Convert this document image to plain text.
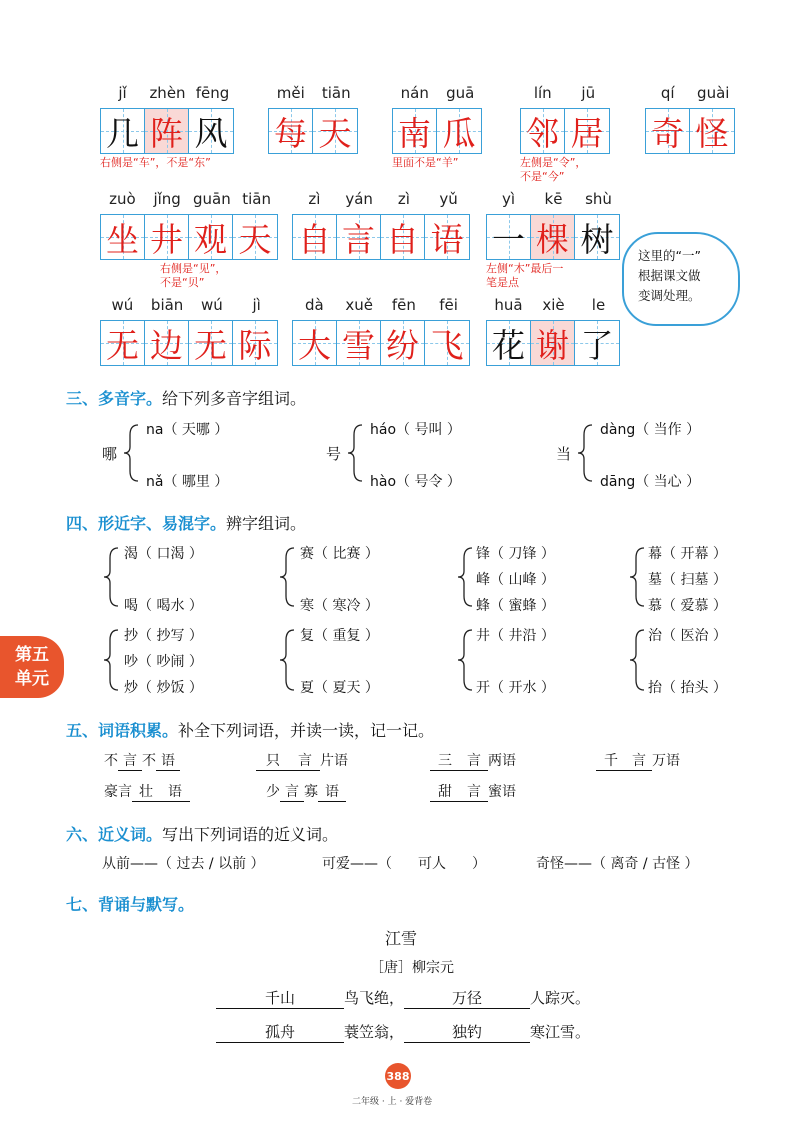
jǐ	zhèn fēng
几 阵 风
měi	tiān
每 天
nán	guā
南 瓜
lín	jū
邻 居
qí	guài
奇 怪
zuò	jǐng guān tiān
坐 井 观 天
zì	yán	zì	yǔ
自 言 自 语
yì	kē	shù
一 棵 树
wú	biān	wú	jì
无 边 无 际
dà	xuě	fēn	fēi
大 雪 纷 飞
huā	xiè	le
花 谢 了
右侧是“车”，不是“东”	里面不是“羊”	左侧是“令”，
不是“今”
右侧是“见”，
不是“贝”
左侧“木”最后一
笔是点
这里的“一”
根据课文做
变调处理。
三、多音字。给下列多音字组词。
哪
na（ 天哪 ）
nǎ（ 哪里 ）
号
háo（ 号叫 ）
hào（ 号令 ）
当
dàng（ 当作 ）
dāng（ 当心 ）
四、形近字、易混字。辨字组词。
渴（ 口渴 ）
喝（ 喝水 ）
赛（ 比赛 ）
寒（ 寒冷 ）
锋（ 刀锋 ）
峰（ 山峰 ）
蜂（ 蜜蜂 ）
幕（ 开幕 ）
墓（ 扫墓 ）
慕（ 爱慕 ）
抄（ 抄写 ）
吵（ 吵闹 ）
炒（ 炒饭 ）
复（ 重复 ）
夏（ 夏天 ）
井（ 井沿 ）
开（ 开水 ）
治（ 医治 ）
抬（ 抬头 ）
第五
单元
五、词语积累。补全下列词语，并读一读，记一记。
不 言 不 语	只 言 片语	三 言 两语	千 言 万语
豪言 壮 语	少 言 寡 语	甜 言 蜜语
六、近义词。写出下列词语的近义词。
从前——（ 过去 / 以前 ）	可爱——（ 可人 ）	奇怪——（ 离奇 / 古怪 ）
七、背诵与默写。
江雪
［唐］柳宗元
千山	鸟飞绝，	万径	人踪灭。
孤舟	蓑笠翁，	独钓	寒江雪。
388
二年级 · 上 · 爱背卷
